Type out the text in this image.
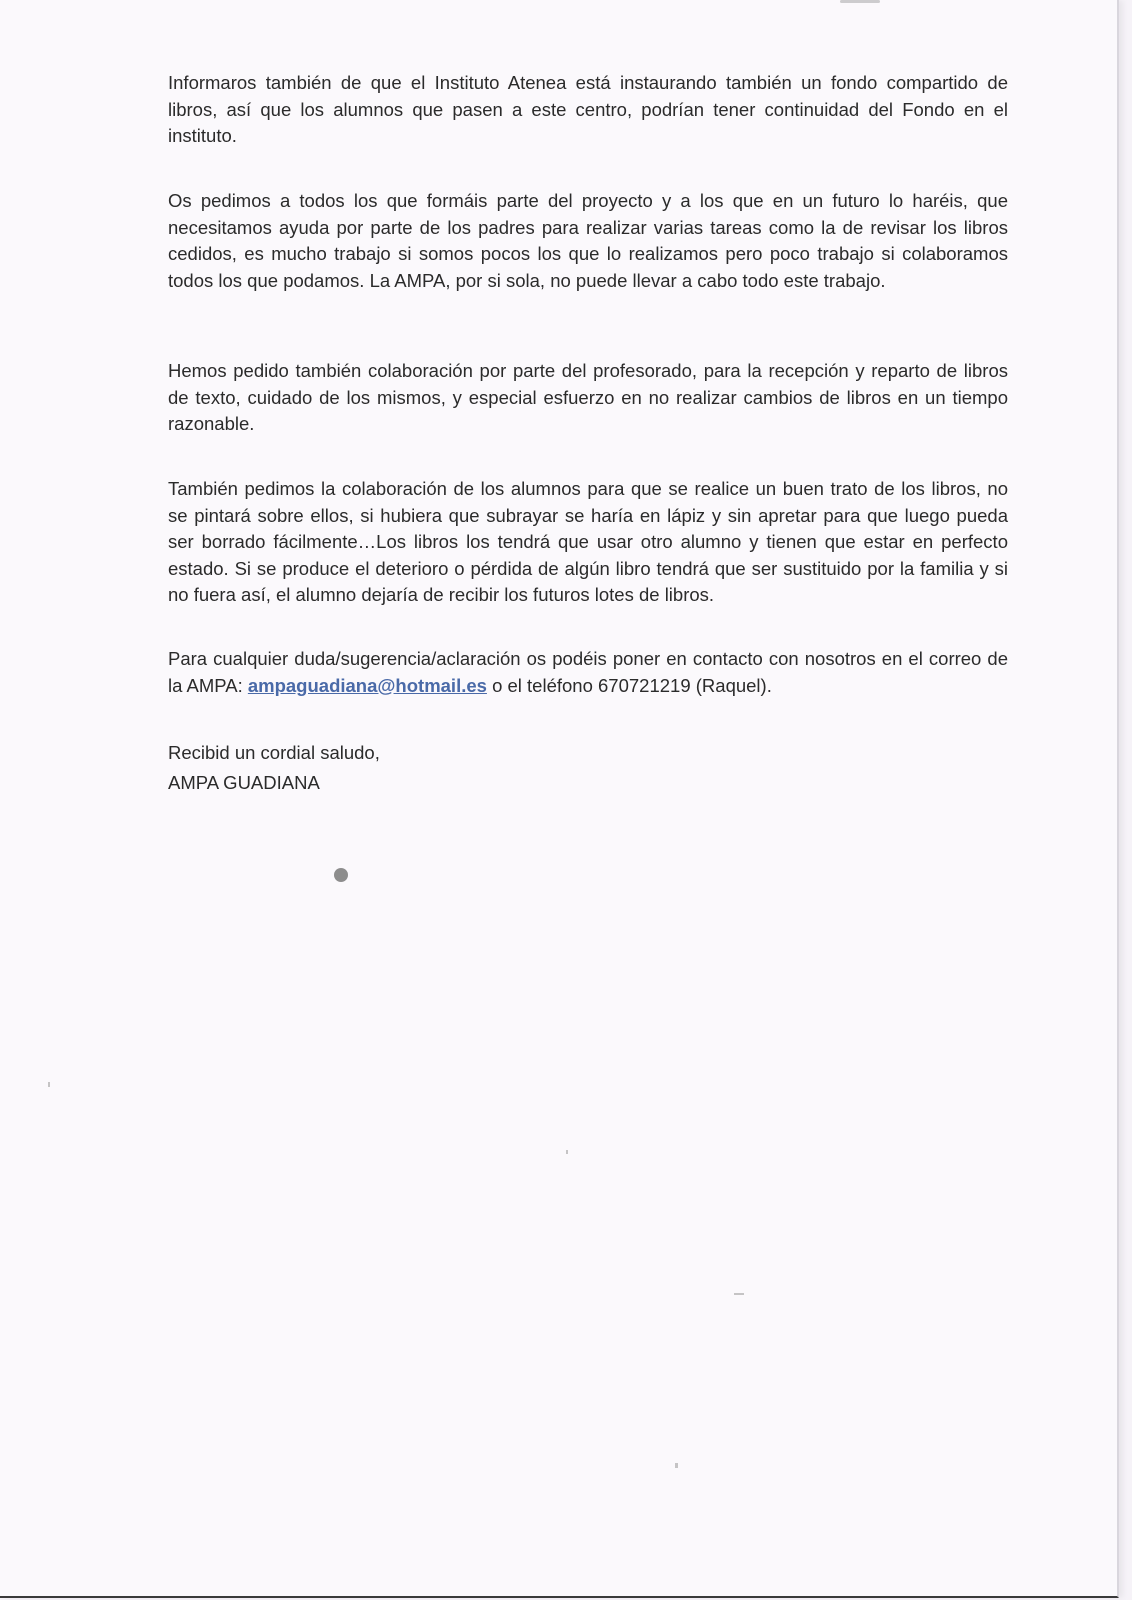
Informaros también de que el Instituto Atenea está instaurando también un fondo compartido de libros, así que los alumnos que pasen a este centro, podrían tener continuidad del Fondo en el instituto.

Os pedimos a todos los que formáis parte del proyecto y a los que en un futuro lo haréis, que necesitamos ayuda por parte de los padres para realizar varias tareas como la de revisar los libros cedidos, es mucho trabajo si somos pocos los que lo realizamos pero poco trabajo si colaboramos todos los que podamos. La AMPA, por si sola, no puede llevar a cabo todo este trabajo.

Hemos pedido también colaboración por parte del profesorado, para la recepción y reparto de libros de texto, cuidado de los mismos, y especial esfuerzo en no realizar cambios de libros en un tiempo razonable.

También pedimos la colaboración de los alumnos para que se realice un buen trato de los libros, no se pintará sobre ellos, si hubiera que subrayar se haría en lápiz y sin apretar para que luego pueda ser borrado fácilmente…Los libros los tendrá que usar otro alumno y tienen que estar en perfecto estado. Si se produce el deterioro o pérdida de algún libro tendrá que ser sustituido por la familia y si no fuera así, el alumno dejaría de recibir los futuros lotes de libros.

Para cualquier duda/sugerencia/aclaración os podéis poner en contacto con nosotros en el correo de la AMPA: ampaguadiana@hotmail.es o el teléfono 670721219 (Raquel).

Recibid un cordial saludo,
AMPA GUADIANA
